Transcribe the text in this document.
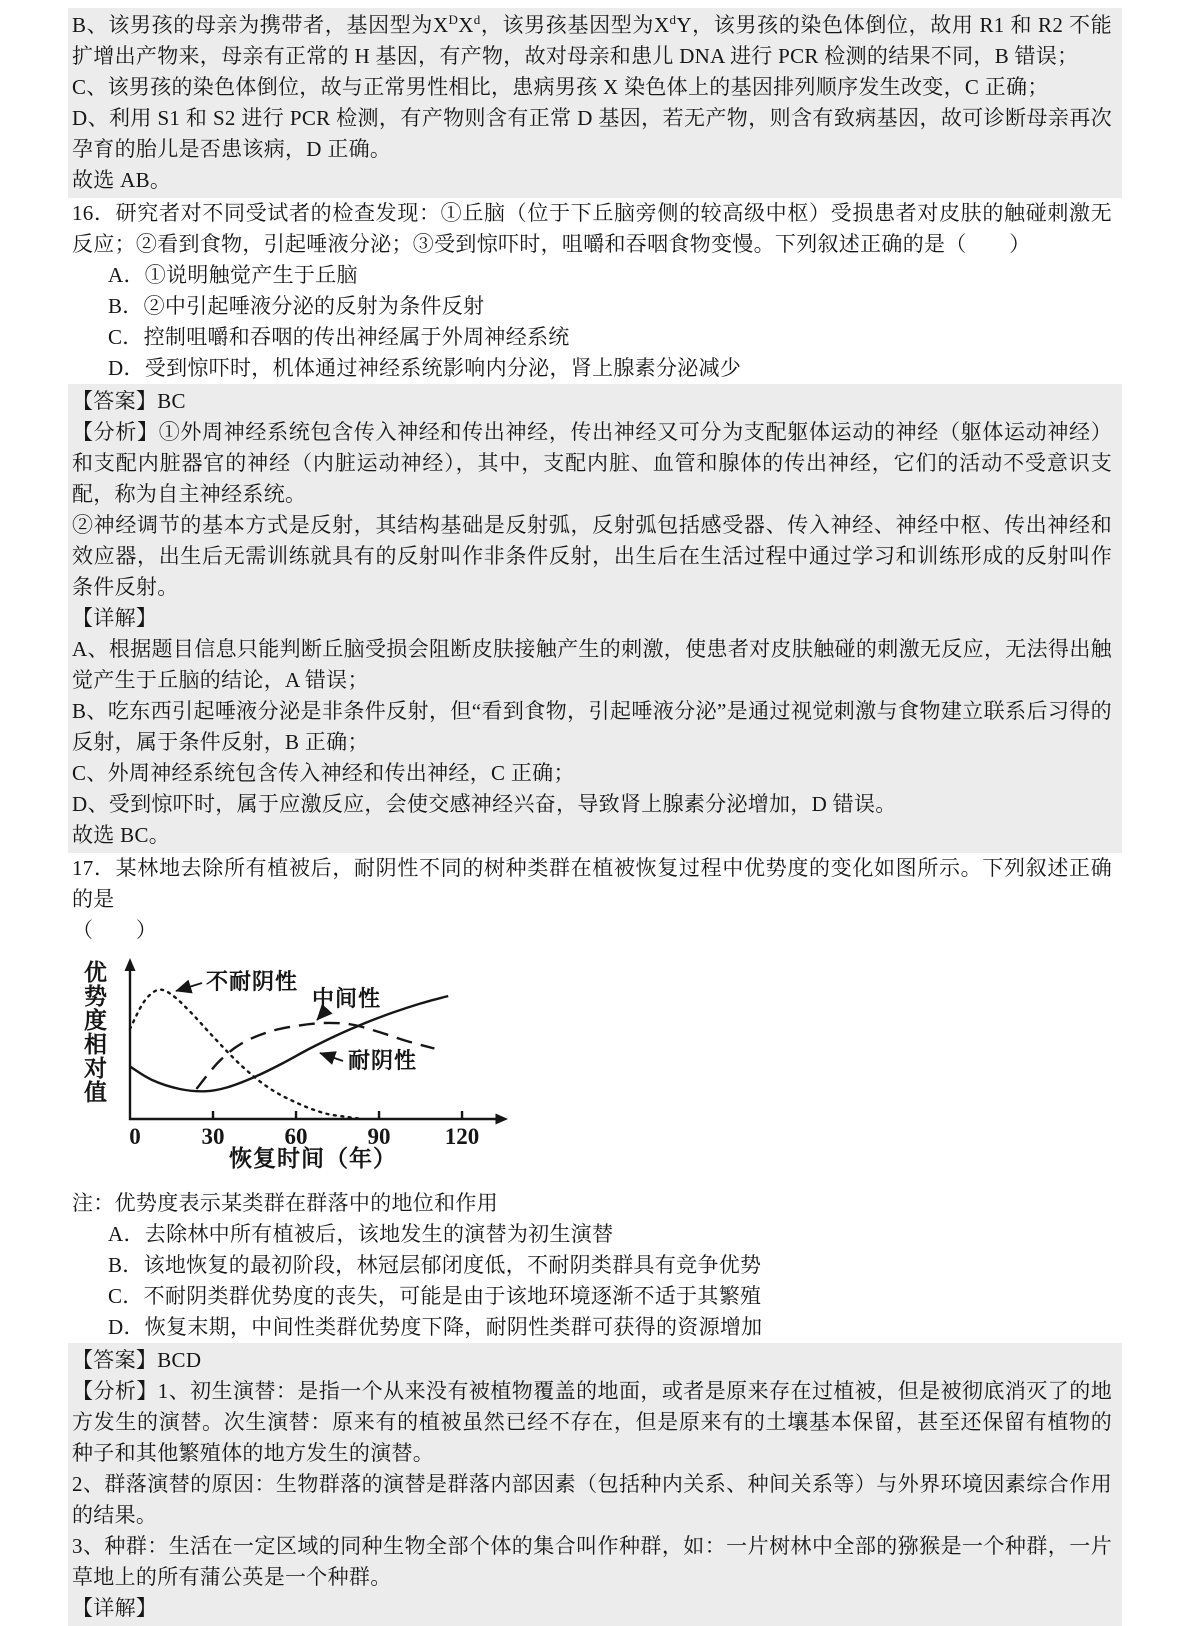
B、该男孩的母亲为携带者，基因型为$X^DX^d$，该男孩基因型为$X^dY$，该男孩的染色体倒位，故用 R1 和 R2 不能扩增出产物来，母亲有正常的 H 基因，有产物，故对母亲和患儿 DNA 进行 PCR 检测的结果不同，B 错误；

C、该男孩的染色体倒位，故与正常男性相比，患病男孩 X 染色体上的基因排列顺序发生改变，C 正确；

D、利用 S1 和 S2 进行 PCR 检测，有产物则含有正常 D 基因，若无产物，则含有致病基因，故可诊断母亲再次孕育的胎儿是否患该病，D 正确。

故选 AB。

16．研究者对不同受试者的检查发现：①丘脑（位于下丘脑旁侧的较高级中枢）受损患者对皮肤的触碰刺激无反应；②看到食物，引起唾液分泌；③受到惊吓时，咀嚼和吞咽食物变慢。下列叙述正确的是（　　）

A．①说明触觉产生于丘脑

B．②中引起唾液分泌的反射为条件反射

C．控制咀嚼和吞咽的传出神经属于外周神经系统

D．受到惊吓时，机体通过神经系统影响内分泌，肾上腺素分泌减少

【答案】BC

【分析】①外周神经系统包含传入神经和传出神经，传出神经又可分为支配躯体运动的神经（躯体运动神经）和支配内脏器官的神经（内脏运动神经），其中，支配内脏、血管和腺体的传出神经，它们的活动不受意识支配，称为自主神经系统。

②神经调节的基本方式是反射，其结构基础是反射弧，反射弧包括感受器、传入神经、神经中枢、传出神经和效应器，出生后无需训练就具有的反射叫作非条件反射，出生后在生活过程中通过学习和训练形成的反射叫作条件反射。

【详解】

A、根据题目信息只能判断丘脑受损会阻断皮肤接触产生的刺激，使患者对皮肤触碰的刺激无反应，无法得出触觉产生于丘脑的结论，A 错误；

B、吃东西引起唾液分泌是非条件反射，但“看到食物，引起唾液分泌”是通过视觉刺激与食物建立联系后习得的反射，属于条件反射，B 正确；

C、外周神经系统包含传入神经和传出神经，C 正确；

D、受到惊吓时，属于应激反应，会使交感神经兴奋，导致肾上腺素分泌增加，D 错误。

故选 BC。

17．某林地去除所有植被后，耐阴性不同的树种类群在植被恢复过程中优势度的变化如图所示。下列叙述正确的是

（　　）

优势度相对值
0	30	60	90 120
不耐阴性
中间性
耐阴性
恢复时间（年）

注：优势度表示某类群在群落中的地位和作用

A．去除林中所有植被后，该地发生的演替为初生演替

B．该地恢复的最初阶段，林冠层郁闭度低，不耐阴类群具有竞争优势

C．不耐阴类群优势度的丧失，可能是由于该地环境逐渐不适于其繁殖

D．恢复末期，中间性类群优势度下降，耐阴性类群可获得的资源增加

【答案】BCD

【分析】1、初生演替：是指一个从来没有被植物覆盖的地面，或者是原来存在过植被，但是被彻底消灭了的地方发生的演替。次生演替：原来有的植被虽然已经不存在，但是原来有的土壤基本保留，甚至还保留有植物的种子和其他繁殖体的地方发生的演替。

2、群落演替的原因：生物群落的演替是群落内部因素（包括种内关系、种间关系等）与外界环境因素综合作用的结果。

3、种群：生活在一定区域的同种生物全部个体的集合叫作种群，如：一片树林中全部的猕猴是一个种群，一片草地上的所有蒲公英是一个种群。

【详解】
